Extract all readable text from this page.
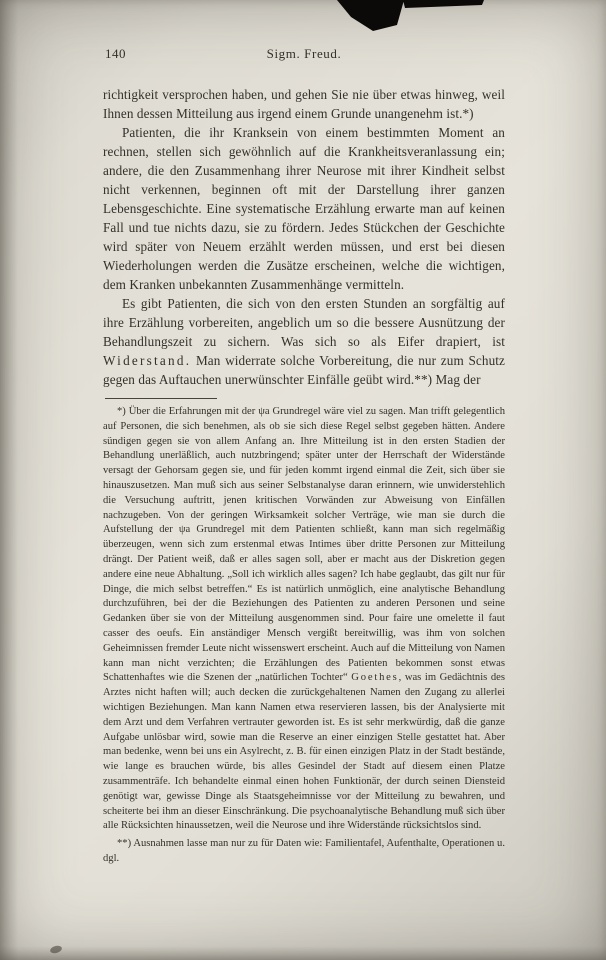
140	Sigm. Freud.

richtigkeit versprochen haben, und gehen Sie nie über etwas hinweg, weil Ihnen dessen Mitteilung aus irgend einem Grunde unangenehm ist.*)

Patienten, die ihr Kranksein von einem bestimmten Moment an rechnen, stellen sich gewöhnlich auf die Krankheitsveranlassung ein; andere, die den Zusammenhang ihrer Neurose mit ihrer Kindheit selbst nicht verkennen, beginnen oft mit der Darstellung ihrer ganzen Lebensgeschichte. Eine systematische Erzählung erwarte man auf keinen Fall und tue nichts dazu, sie zu fördern. Jedes Stückchen der Geschichte wird später von Neuem erzählt werden müssen, und erst bei diesen Wiederholungen werden die Zusätze erscheinen, welche die wichtigen, dem Kranken unbekannten Zusammenhänge vermitteln.

Es gibt Patienten, die sich von den ersten Stunden an sorgfältig auf ihre Erzählung vorbereiten, angeblich um so die bessere Ausnützung der Behandlungszeit zu sichern. Was sich so als Eifer drapiert, ist Widerstand. Man widerrate solche Vorbereitung, die nur zum Schutz gegen das Auftauchen unerwünschter Einfälle geübt wird.**) Mag der

*) Über die Erfahrungen mit der ψa Grundregel wäre viel zu sagen. Man trifft gelegentlich auf Personen, die sich benehmen, als ob sie sich diese Regel selbst gegeben hätten. Andere sündigen gegen sie von allem Anfang an. Ihre Mitteilung ist in den ersten Stadien der Behandlung unerläßlich, auch nutzbringend; später unter der Herrschaft der Widerstände versagt der Gehorsam gegen sie, und für jeden kommt irgend einmal die Zeit, sich über sie hinauszusetzen. Man muß sich aus seiner Selbstanalyse daran erinnern, wie unwiderstehlich die Versuchung auftritt, jenen kritischen Vorwänden zur Abweisung von Einfällen nachzugeben. Von der geringen Wirksamkeit solcher Verträge, wie man sie durch die Aufstellung der ψa Grundregel mit dem Patienten schließt, kann man sich regelmäßig überzeugen, wenn sich zum erstenmal etwas Intimes über dritte Personen zur Mitteilung drängt. Der Patient weiß, daß er alles sagen soll, aber er macht aus der Diskretion gegen andere eine neue Abhaltung. „Soll ich wirklich alles sagen? Ich habe geglaubt, das gilt nur für Dinge, die mich selbst betreffen.“ Es ist natürlich unmöglich, eine analytische Behandlung durchzuführen, bei der die Beziehungen des Patienten zu anderen Personen und seine Gedanken über sie von der Mitteilung ausgenommen sind. Pour faire une omelette il faut casser des oeufs. Ein anständiger Mensch vergißt bereitwillig, was ihm von solchen Geheimnissen fremder Leute nicht wissenswert erscheint. Auch auf die Mitteilung von Namen kann man nicht verzichten; die Erzählungen des Patienten bekommen sonst etwas Schattenhaftes wie die Szenen der „natürlichen Tochter“ Goethes, was im Gedächtnis des Arztes nicht haften will; auch decken die zurückgehaltenen Namen den Zugang zu allerlei wichtigen Beziehungen. Man kann Namen etwa reservieren lassen, bis der Analysierte mit dem Arzt und dem Verfahren vertrauter geworden ist. Es ist sehr merkwürdig, daß die ganze Aufgabe unlösbar wird, sowie man die Reserve an einer einzigen Stelle gestattet hat. Aber man bedenke, wenn bei uns ein Asylrecht, z. B. für einen einzigen Platz in der Stadt bestände, wie lange es brauchen würde, bis alles Gesindel der Stadt auf diesem einen Platze zusammenträfe. Ich behandelte einmal einen hohen Funktionär, der durch seinen Diensteid genötigt war, gewisse Dinge als Staatsgeheimnisse vor der Mitteilung zu bewahren, und scheiterte bei ihm an dieser Einschränkung. Die psychoanalytische Behandlung muß sich über alle Rücksichten hinaussetzen, weil die Neurose und ihre Widerstände rücksichtslos sind.

**) Ausnahmen lasse man nur zu für Daten wie: Familientafel, Aufenthalte, Operationen u. dgl.
